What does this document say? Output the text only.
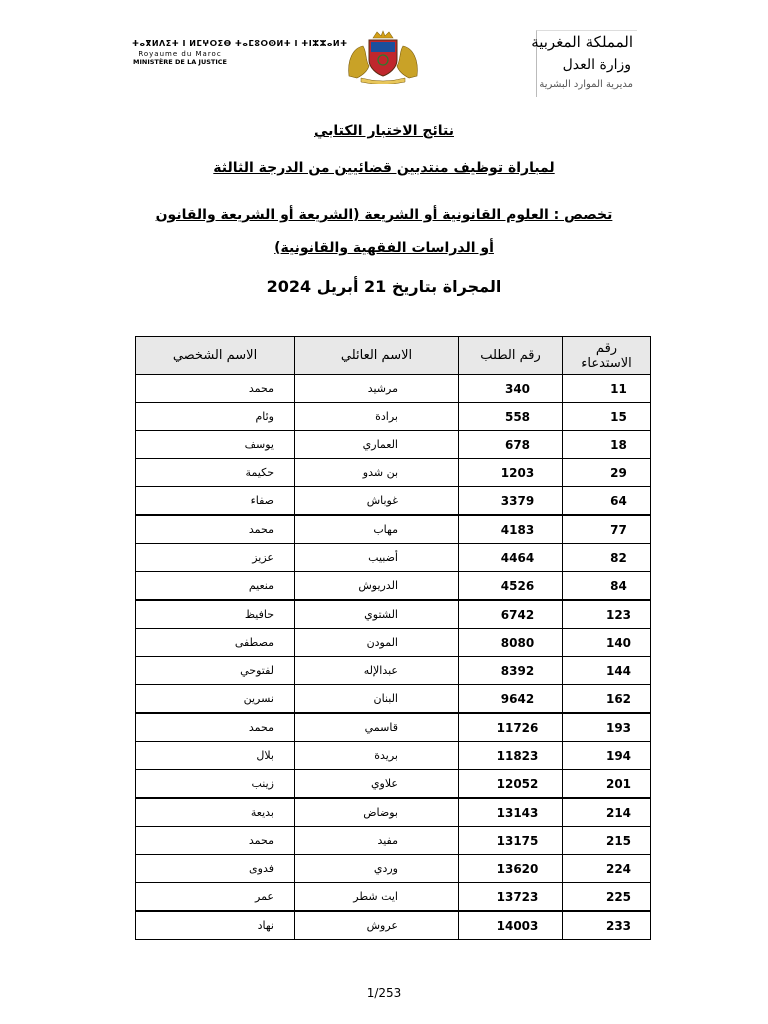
ⵜⴰⴳⵍⴷⵉⵜ ⵏ ⵍⵎⵖⵔⵉⴱ ⵜⴰⵎⵓⵔⵙⵍⵜ ⵏ ⵜⵏⵣⵣⴰⵍⵜ
Royaume du Maroc
MINISTÈRE DE LA JUSTICE
المملكة المغربية
وزارة العدل
مديرية الموارد البشرية
نتائج الاختبار الكتابي
لمباراة توظيف منتدبين قضائيين من الدرجة الثالثة
تخصص : العلوم القانونية أو الشريعة (الشريعة أو الشريعة والقانون
أو الدراسات الفقهية والقانونية)
المجراة بتاريخ 21 أبريل 2024
رقم الاستدعاء	رقم الطلب	الاسم العائلي	الاسم الشخصي
11	340	مرشيد	محمد
15	558	برادة	وئام
18	678	العماري	يوسف
29	1203	بن شدو	حكيمة
64	3379	غوباش	صفاء
77	4183	مهاب	محمد
82	4464	أضبيب	عزيز
84	4526	الدريوش	منعيم
123	6742	الشتوي	حافيظ
140	8080	المودن	مصطفى
144	8392	عبدالإله	لفتوحي
162	9642	البنان	نسرين
193	11726	قاسمي	محمد
194	11823	بريدة	بلال
201	12052	علاوي	زينب
214	13143	بوضاض	بديعة
215	13175	مفيد	محمد
224	13620	وردي	فدوى
225	13723	ايت شطر	عمر
233	14003	عروش	نهاد
1/253
